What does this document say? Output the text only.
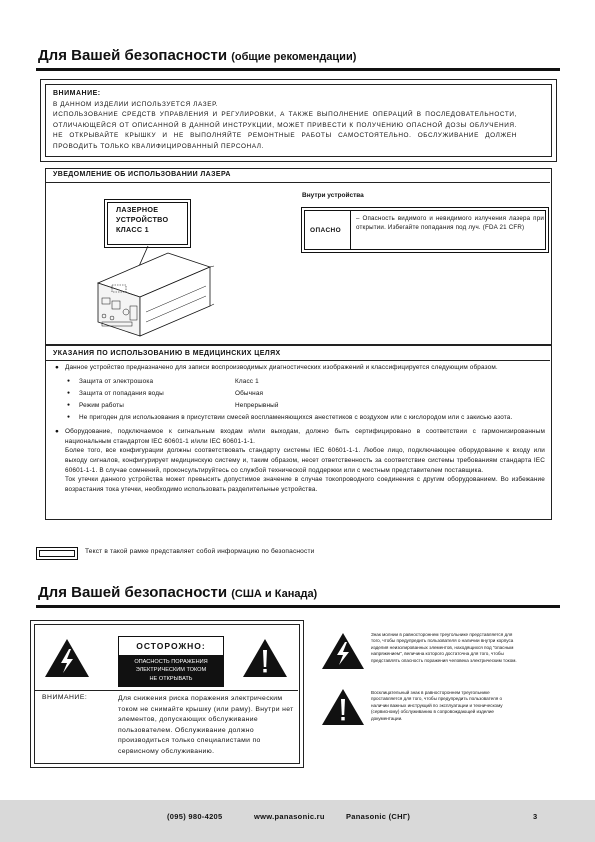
Для Вашей безопасности (общие рекомендации)
ВНИМАНИЕ:
В ДАННОМ ИЗДЕЛИИ ИСПОЛЬЗУЕТСЯ ЛАЗЕР.
ИСПОЛЬЗОВАНИЕ СРЕДСТВ УПРАВЛЕНИЯ И РЕГУЛИРОВКИ, А ТАКЖЕ ВЫПОЛНЕНИЕ ОПЕРАЦИЙ В ПОСЛЕДОВАТЕЛЬНОСТИ, ОТЛИЧАЮЩЕЙСЯ ОТ ОПИСАННОЙ В ДАННОЙ ИНСТРУКЦИИ, МОЖЕТ ПРИВЕСТИ К ПОЛУЧЕНИЮ ОПАСНОЙ ДОЗЫ ОБЛУЧЕНИЯ. НЕ ОТКРЫВАЙТЕ КРЫШКУ И НЕ ВЫПОЛНЯЙТЕ РЕМОНТНЫЕ РАБОТЫ САМОСТОЯТЕЛЬНО. ОБСЛУЖИВАНИЕ ДОЛЖЕН ПРОВОДИТЬ ТОЛЬКО КВАЛИФИЦИРОВАННЫЙ ПЕРСОНАЛ.
УВЕДОМЛЕНИЕ ОБ ИСПОЛЬЗОВАНИИ ЛАЗЕРА
ЛАЗЕРНОЕ
УСТРОЙСТВО
КЛАСС 1
Внутри устройства
ОПАСНО
– Опасность видимого и невидимого излучения лазера при открытии. Избегайте попадания под луч. (FDA 21 CFR)
УКАЗАНИЯ ПО ИСПОЛЬЗОВАНИЮ В МЕДИЦИНСКИХ ЦЕЛЯХ
● Данное устройство предназначено для записи воспроизводимых диагностических изображений и классифицируется следующим образом.
● Защита от электрошока	Класс 1
● Защита от попадания воды	Обычная
● Режим работы	Непрерывный
● Не пригоден для использования в присутствии смесей воспламеняющихся анестетиков с воздухом или с кислородом или с закисью азота.
● Оборудование, подключаемое к сигнальным входам и/или выходам, должно быть сертифицировано в соответствии с гармонизированным национальным стандартом IEC 60601-1 и/или IEC 60601-1-1.
Более того, все конфигурации должны соответствовать стандарту системы IEC 60601-1-1. Любое лицо, подключающее оборудование к входу или выходу сигналов, конфигурирует медицинскую систему и, таким образом, несет ответственность за соответствие системы требованиям стандарта IEC 60601-1-1. В случае сомнений, проконсультируйтесь со службой технической поддержки или с местным представителем поставщика.
Ток утечки данного устройства может превысить допустимое значение в случае токопроводного соединения с другим оборудованием. Во избежание возрастания тока утечки, необходимо использовать разделительные устройства.
Текст в такой рамке представляет собой информацию по безопасности
Для Вашей безопасности (США и Канада)
ОСТОРОЖНО:
ОПАСНОСТЬ ПОРАЖЕНИЯ
ЭЛЕКТРИЧЕСКИМ ТОКОМ
НЕ ОТКРЫВАТЬ
ВНИМАНИЕ:	Для снижения риска поражения электрическим током не снимайте крышку (или раму). Внутри нет элементов, допускающих обслуживание пользователем. Обслуживание должно производиться только специалистами по сервисному обслуживанию.
Знак молнии в равностороннем треугольнике представляется для того, чтобы предупредить пользователя о наличии внутри корпуса изделия неизолированных элементов, находящихся под "опасным напряжением", величина которого достаточна для того, чтобы представлять опасность поражения человека электрическим током.
Восклицательный знак в равностороннем треугольнике проставляется для того, чтобы предупредить пользователя о наличии важных инструкций по эксплуатации и техническому (сервисному) обслуживанию в сопровождающей изделие документации.
(095) 980-4205	www.panasonic.ru	Panasonic (СНГ)	3
